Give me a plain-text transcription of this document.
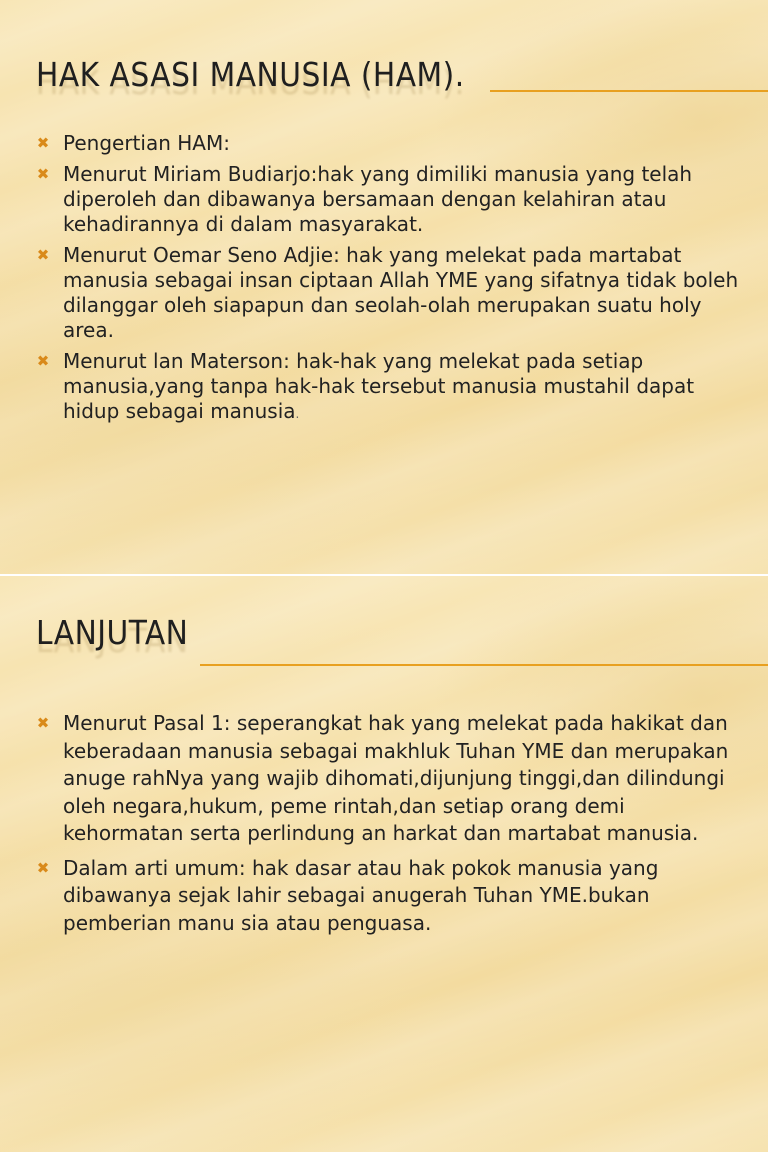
HAK ASASI MANUSIA (HAM).
✖ Pengertian HAM:
✖ Menurut Miriam Budiarjo:hak yang dimiliki manusia yang telah diperoleh dan dibawanya bersamaan dengan kelahiran atau kehadirannya di dalam masyarakat.
✖ Menurut Oemar Seno Adjie: hak yang melekat pada martabat manusia sebagai insan ciptaan Allah YME yang sifatnya tidak boleh dilanggar oleh siapapun dan seolah-olah merupakan suatu holy area.
✖ Menurut lan Materson: hak-hak yang melekat pada setiap manusia,yang tanpa hak-hak tersebut manusia mustahil dapat hidup sebagai manusia.
LANJUTAN
✖ Menurut Pasal 1: seperangkat hak yang melekat pada hakikat dan keberadaan manusia sebagai makhluk Tuhan YME dan merupakan anuge rahNya yang wajib dihomati,dijunjung tinggi,dan dilindungi oleh negara,hukum, peme rintah,dan setiap orang demi kehormatan serta perlindung an harkat dan martabat manusia.
✖ Dalam arti umum: hak dasar atau hak pokok manusia yang dibawanya sejak lahir sebagai anugerah Tuhan YME.bukan pemberian manu sia atau penguasa.
